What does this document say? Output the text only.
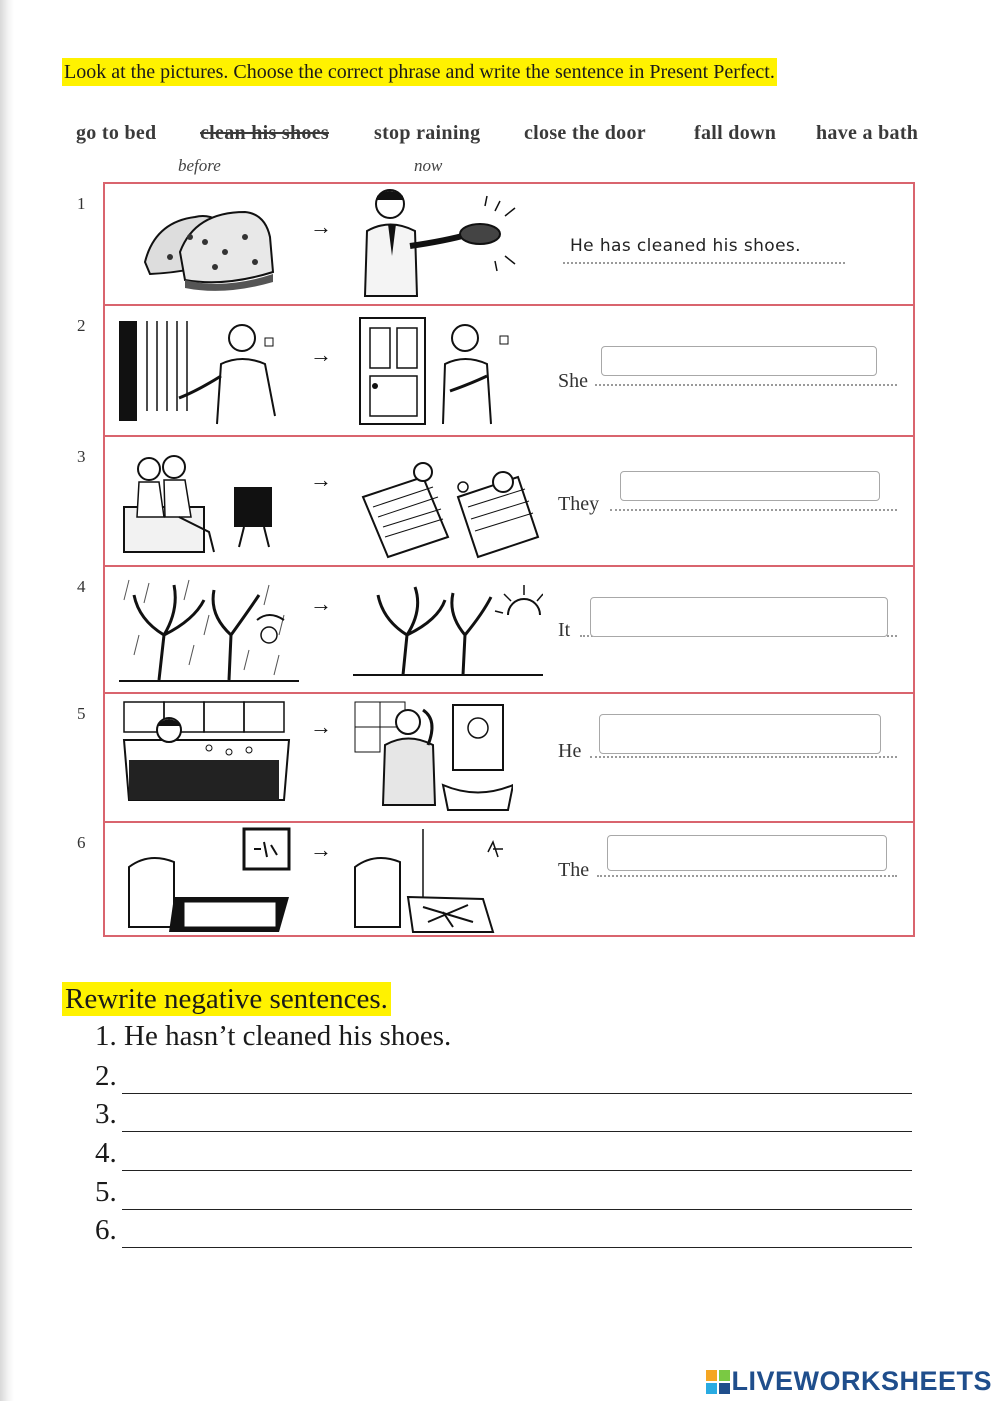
Look at the pictures. Choose the correct phrase and write the sentence in Present Perfect.
go to bed clean his shoes stop raining close the door fall down have a bath
before	now
1
→
He has cleaned his shoes.
2
→
She
3
→
They
4
→
It
5
→
He
6	→
The
Rewrite negative sentences.
1. He hasn’t cleaned his shoes.
2.
3.
4.
5.
6.
LIVEWORKSHEETS
